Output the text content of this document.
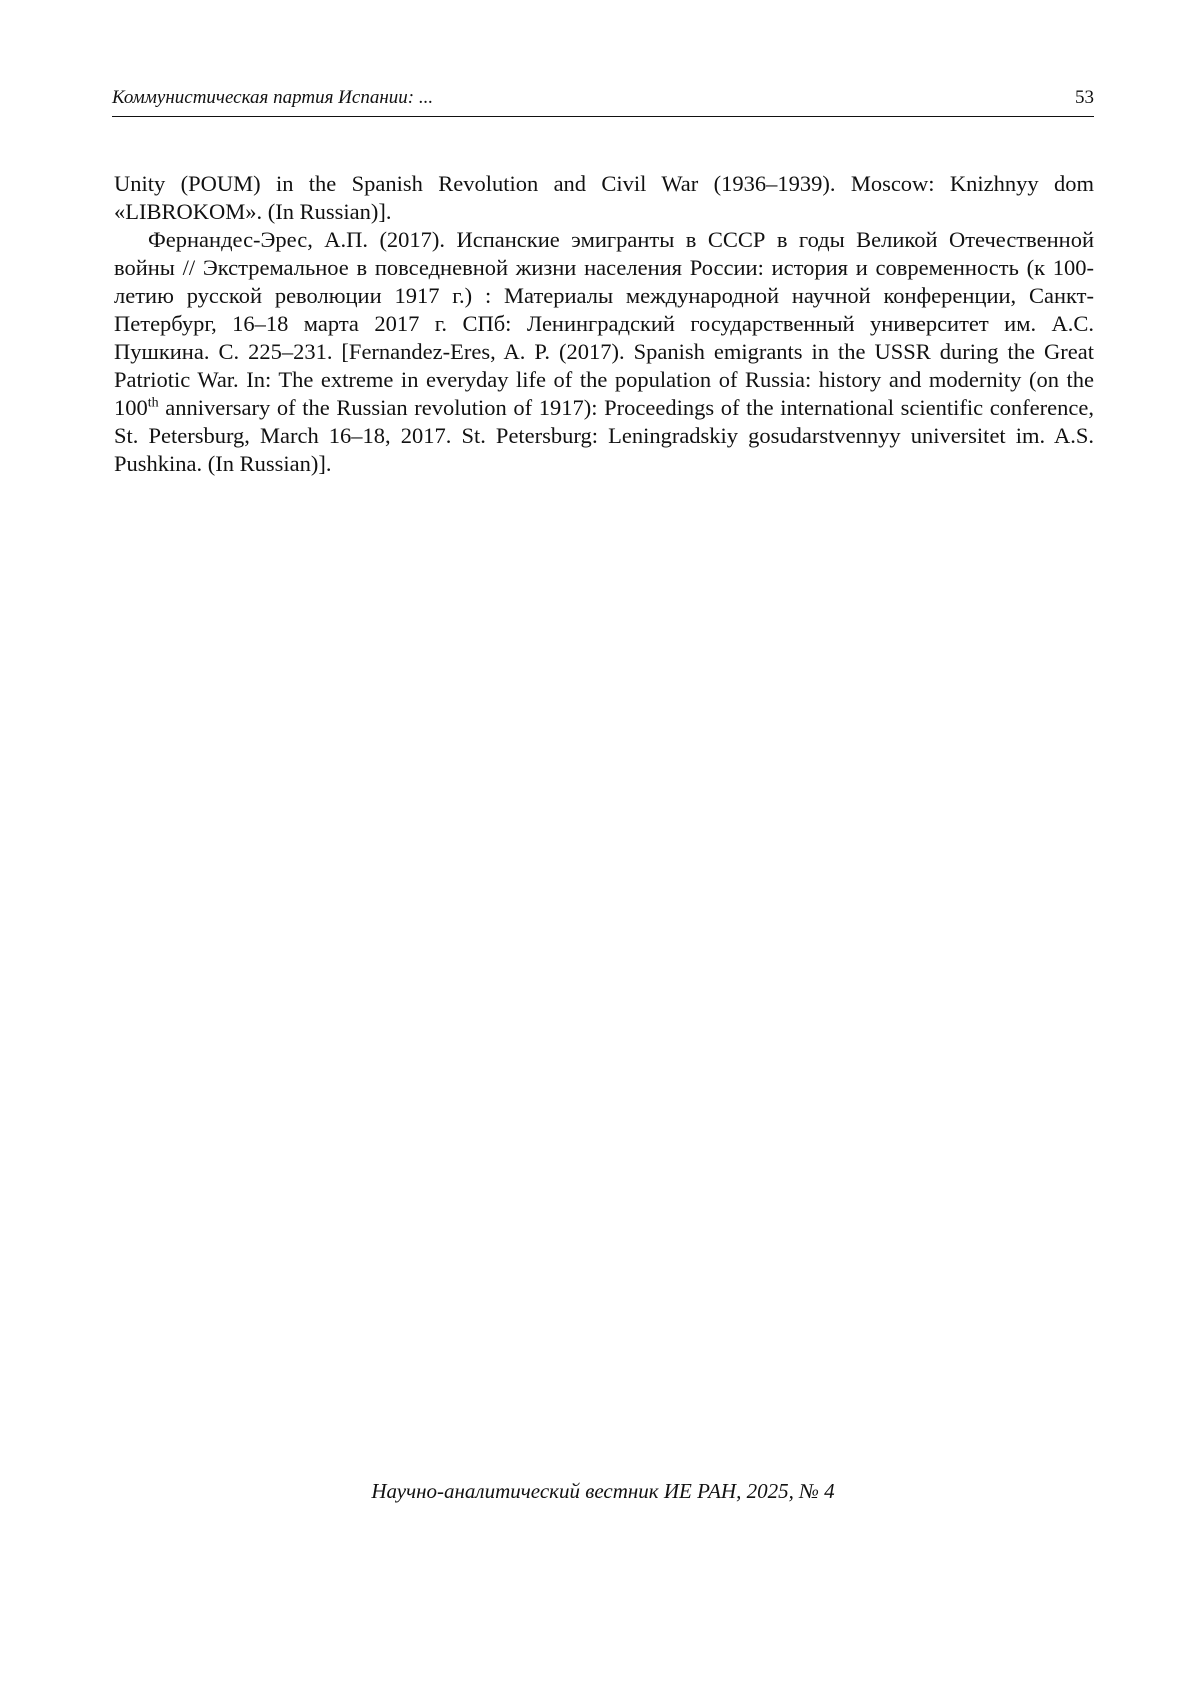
Коммунистическая партия Испании: ...	53

Unity (POUM) in the Spanish Revolution and Civil War (1936–1939). Moscow: Knizhnyy dom «LIBROKOM». (In Russian)].

Фернандес-Эрес, А.П. (2017). Испанские эмигранты в СССР в годы Великой Отечественной войны // Экстремальное в повседневной жизни населения России: история и современность (к 100-летию русской революции 1917 г.) : Материалы международной научной конференции, Санкт-Петербург, 16–18 марта 2017 г. СПб: Ленинградский государственный университет им. А.С. Пушкина. С. 225–231. [Fernandez-Eres, A. P. (2017). Spanish emigrants in the USSR during the Great Patriotic War. In: The extreme in everyday life of the population of Russia: history and modernity (on the 100th anniversary of the Russian revolution of 1917): Proceedings of the international scientific conference, St. Petersburg, March 16–18, 2017. St. Petersburg: Leningradskiy gosudarstvennyy universitet im. A.S. Pushkina. (In Russian)].

Научно-аналитический вестник ИЕ РАН, 2025, № 4
